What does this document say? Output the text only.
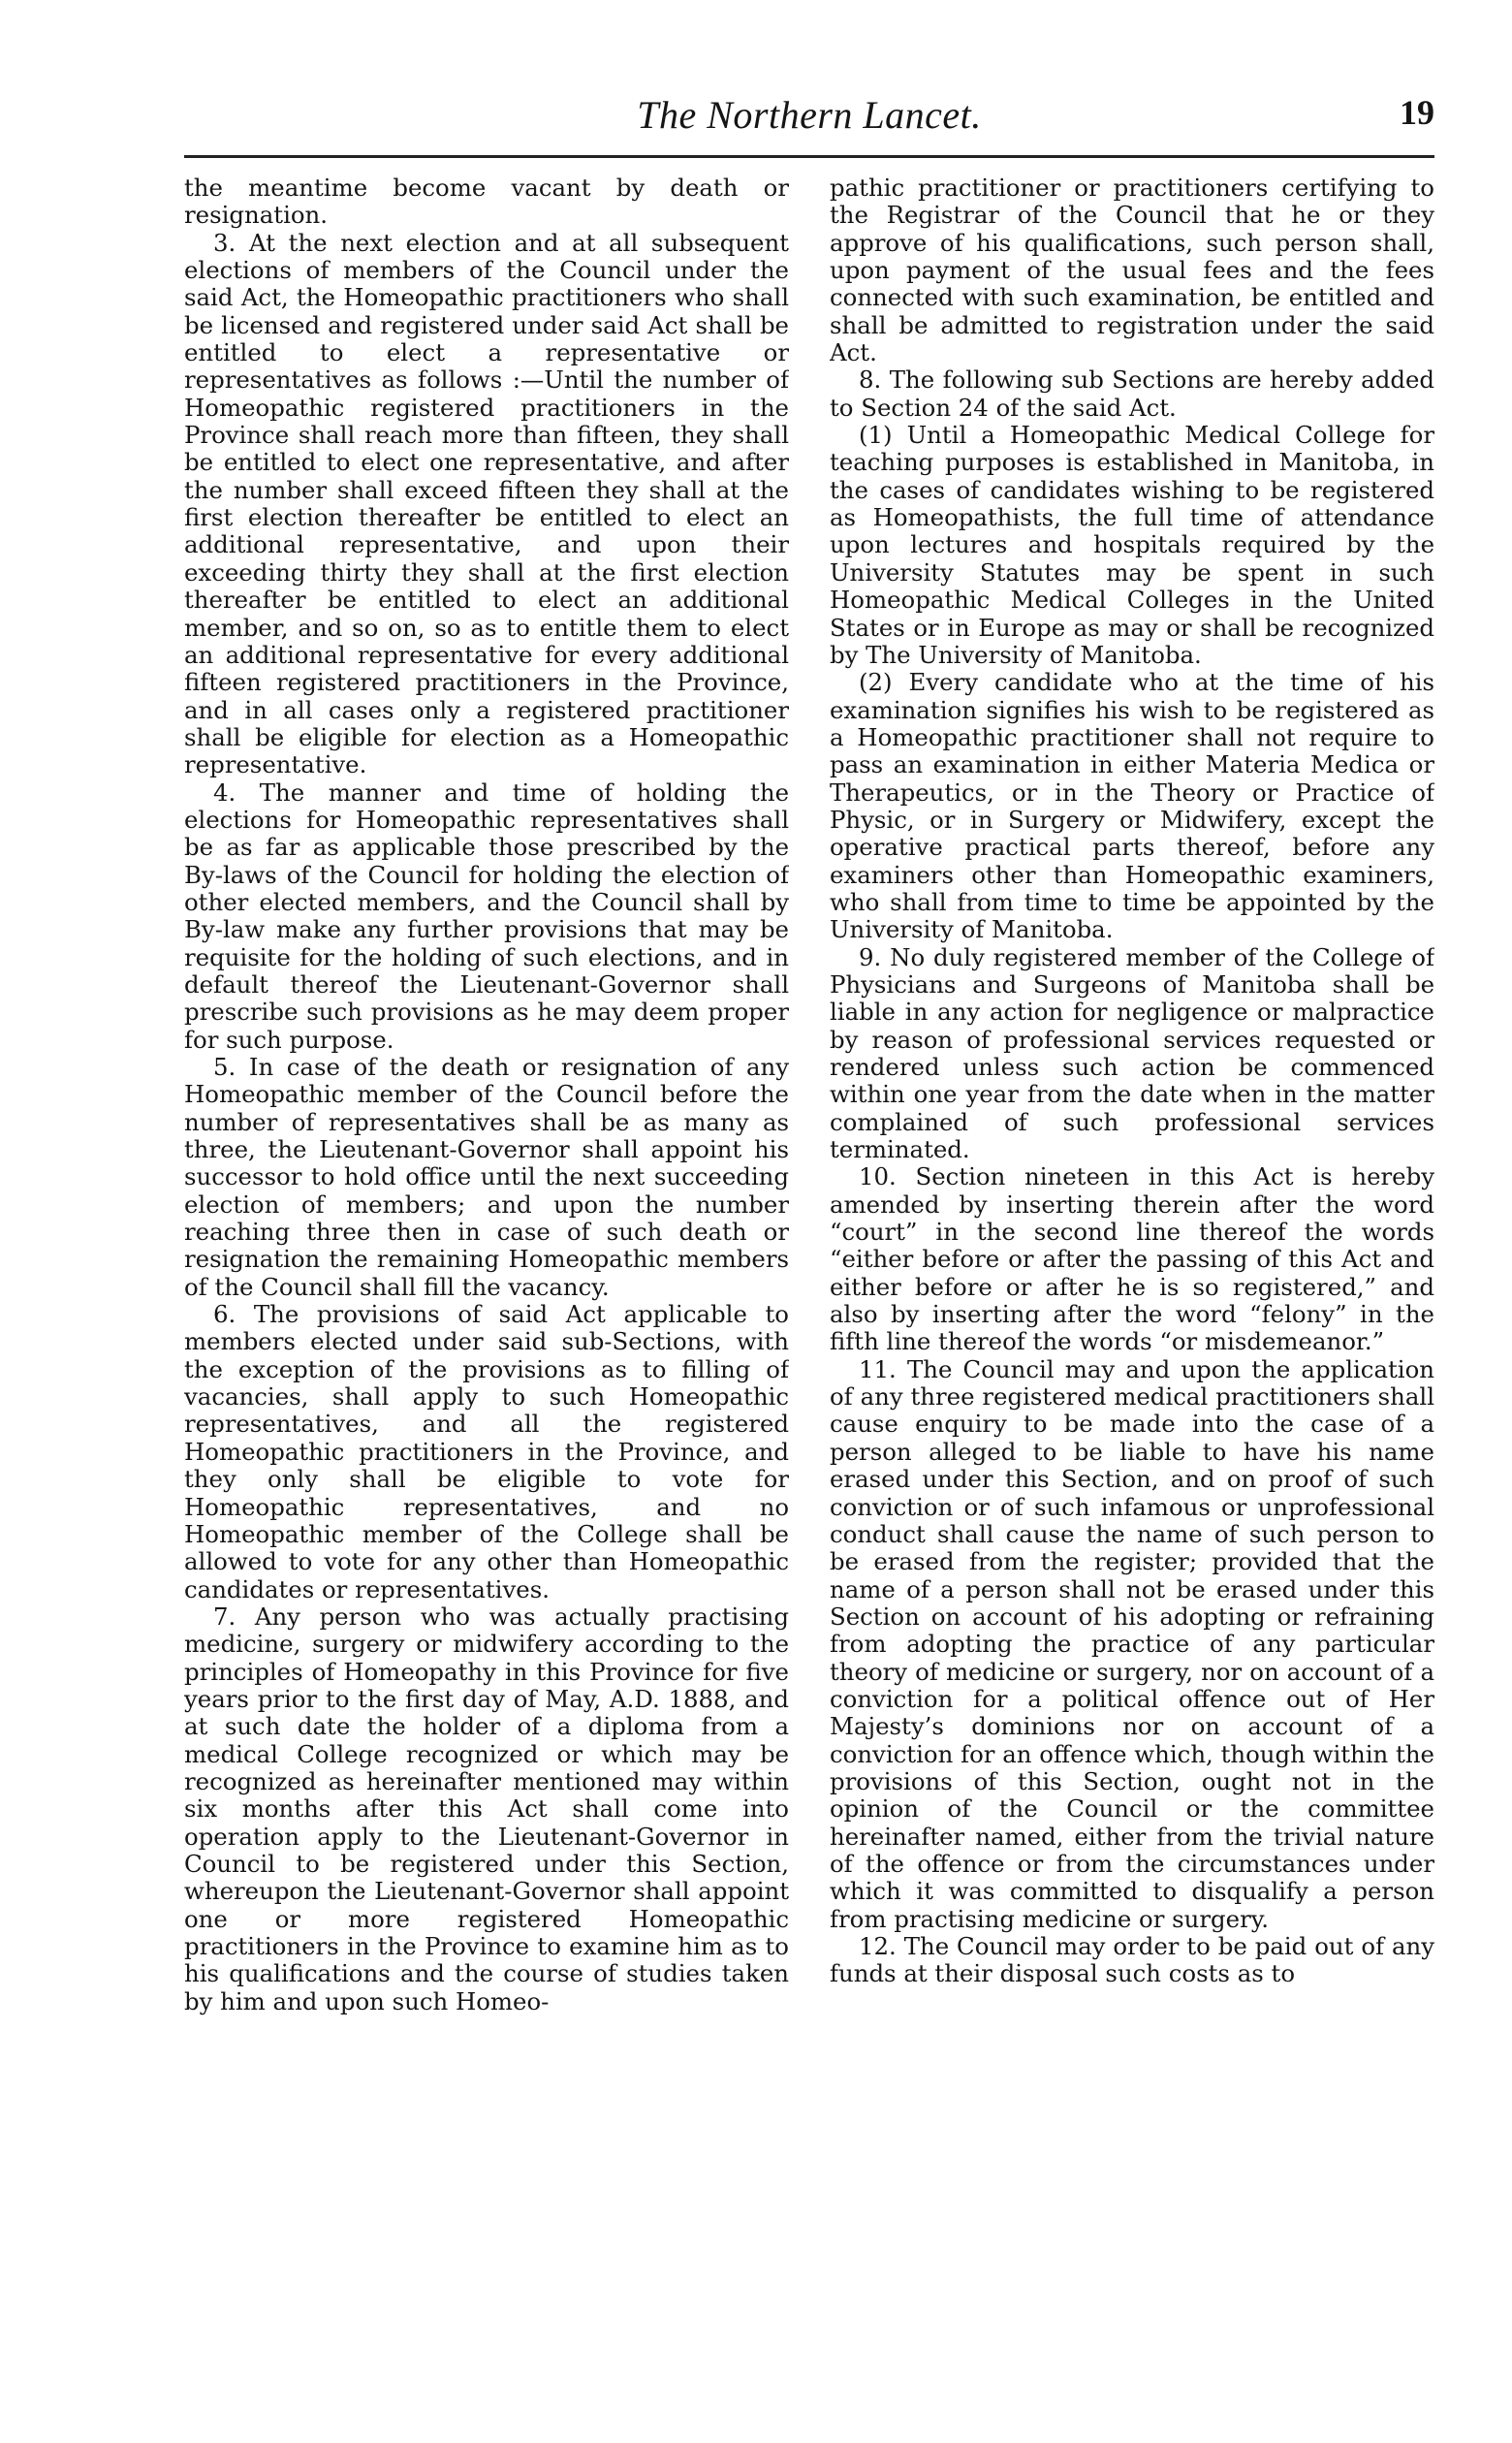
The Northern Lancet.	19

the meantime become vacant by death or resignation.

3. At the next election and at all subsequent elections of members of the Council under the said Act, the Homeopathic practitioners who shall be licensed and registered under said Act shall be entitled to elect a representative or representatives as follows :—Until the number of Homeopathic registered practitioners in the Province shall reach more than fifteen, they shall be entitled to elect one representative, and after the number shall exceed fifteen they shall at the first election thereafter be entitled to elect an additional representative, and upon their exceeding thirty they shall at the first election thereafter be entitled to elect an additional member, and so on, so as to entitle them to elect an additional representative for every additional fifteen registered practitioners in the Province, and in all cases only a registered practitioner shall be eligible for election as a Homeopathic representative.

4. The manner and time of holding the elections for Homeopathic representatives shall be as far as applicable those prescribed by the By-laws of the Council for holding the election of other elected members, and the Council shall by By-law make any further provisions that may be requisite for the holding of such elections, and in default thereof the Lieutenant-Governor shall prescribe such provisions as he may deem proper for such purpose.

5. In case of the death or resignation of any Homeopathic member of the Council before the number of representatives shall be as many as three, the Lieutenant-Governor shall appoint his successor to hold office until the next succeeding election of members; and upon the number reaching three then in case of such death or resignation the remaining Homeopathic members of the Council shall fill the vacancy.

6. The provisions of said Act applicable to members elected under said sub-Sections, with the exception of the provisions as to filling of vacancies, shall apply to such Homeopathic representatives, and all the registered Homeopathic practitioners in the Province, and they only shall be eligible to vote for Homeopathic representatives, and no Homeopathic member of the College shall be allowed to vote for any other than Homeopathic candidates or representatives.

7. Any person who was actually practising medicine, surgery or midwifery according to the principles of Homeopathy in this Province for five years prior to the first day of May, A.D. 1888, and at such date the holder of a diploma from a medical College recognized or which may be recognized as hereinafter mentioned may within six months after this Act shall come into operation apply to the Lieutenant-Governor in Council to be registered under this Section, whereupon the Lieutenant-Governor shall appoint one or more registered Homeopathic practitioners in the Province to examine him as to his qualifications and the course of studies taken by him and upon such Homeo-

pathic practitioner or practitioners certifying to the Registrar of the Council that he or they approve of his qualifications, such person shall, upon payment of the usual fees and the fees connected with such examination, be entitled and shall be admitted to registration under the said Act.

8. The following sub Sections are hereby added to Section 24 of the said Act.

(1) Until a Homeopathic Medical College for teaching purposes is established in Manitoba, in the cases of candidates wishing to be registered as Homeopathists, the full time of attendance upon lectures and hospitals required by the University Statutes may be spent in such Homeopathic Medical Colleges in the United States or in Europe as may or shall be recognized by The University of Manitoba.

(2) Every candidate who at the time of his examination signifies his wish to be registered as a Homeopathic practitioner shall not require to pass an examination in either Materia Medica or Therapeutics, or in the Theory or Practice of Physic, or in Surgery or Midwifery, except the operative practical parts thereof, before any examiners other than Homeopathic examiners, who shall from time to time be appointed by the University of Manitoba.

9. No duly registered member of the College of Physicians and Surgeons of Manitoba shall be liable in any action for negligence or malpractice by reason of professional services requested or rendered unless such action be commenced within one year from the date when in the matter complained of such professional services terminated.

10. Section nineteen in this Act is hereby amended by inserting therein after the word “court” in the second line thereof the words “either before or after the passing of this Act and either before or after he is so registered,” and also by inserting after the word “felony” in the fifth line thereof the words “or misdemeanor.”

11. The Council may and upon the application of any three registered medical practitioners shall cause enquiry to be made into the case of a person alleged to be liable to have his name erased under this Section, and on proof of such conviction or of such infamous or unprofessional conduct shall cause the name of such person to be erased from the register; provided that the name of a person shall not be erased under this Section on account of his adopting or refraining from adopting the practice of any particular theory of medicine or surgery, nor on account of a conviction for a political offence out of Her Majesty’s dominions nor on account of a conviction for an offence which, though within the provisions of this Section, ought not in the opinion of the Council or the committee hereinafter named, either from the trivial nature of the offence or from the circumstances under which it was committed to disqualify a person from practising medicine or surgery.

12. The Council may order to be paid out of any funds at their disposal such costs as to
